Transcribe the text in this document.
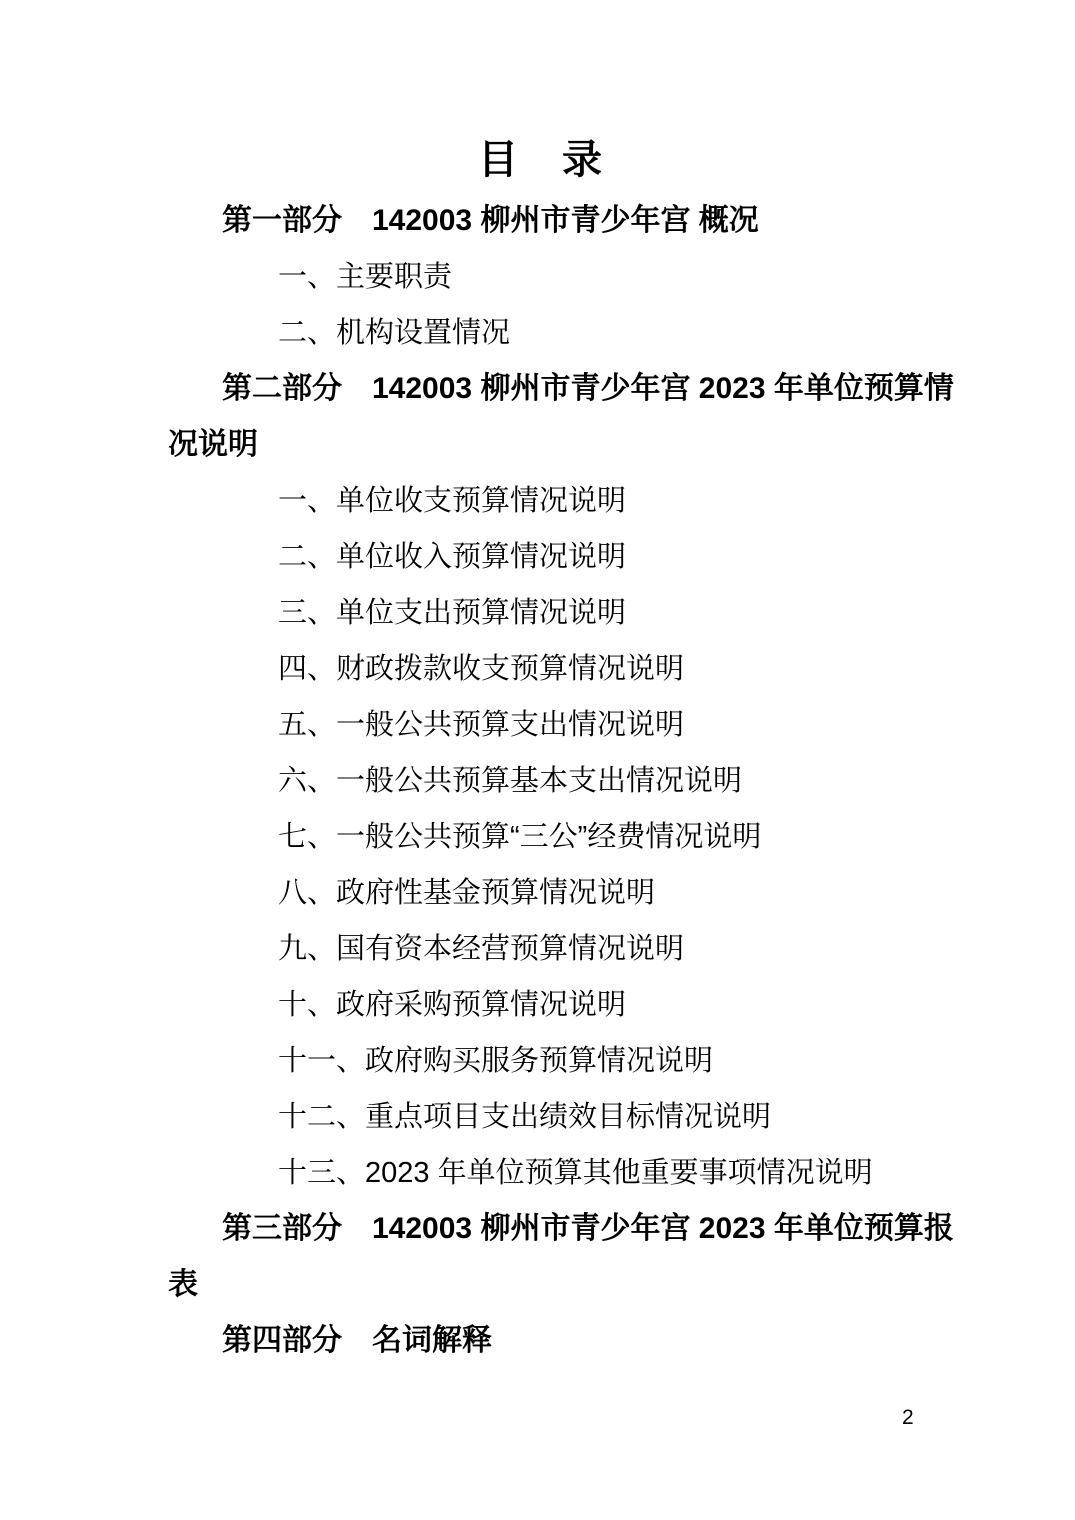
目　录
第一部分　142003 柳州市青少年宫 概况
一、主要职责
二、机构设置情况
第二部分　142003 柳州市青少年宫 2023 年单位预算情
况说明
一、单位收支预算情况说明
二、单位收入预算情况说明
三、单位支出预算情况说明
四、财政拨款收支预算情况说明
五、一般公共预算支出情况说明
六、一般公共预算基本支出情况说明
七、一般公共预算“三公”经费情况说明
八、政府性基金预算情况说明
九、国有资本经营预算情况说明
十、政府采购预算情况说明
十一、政府购买服务预算情况说明
十二、重点项目支出绩效目标情况说明
十三、2023 年单位预算其他重要事项情况说明
第三部分　142003 柳州市青少年宫 2023 年单位预算报
表
第四部分　名词解释
2
